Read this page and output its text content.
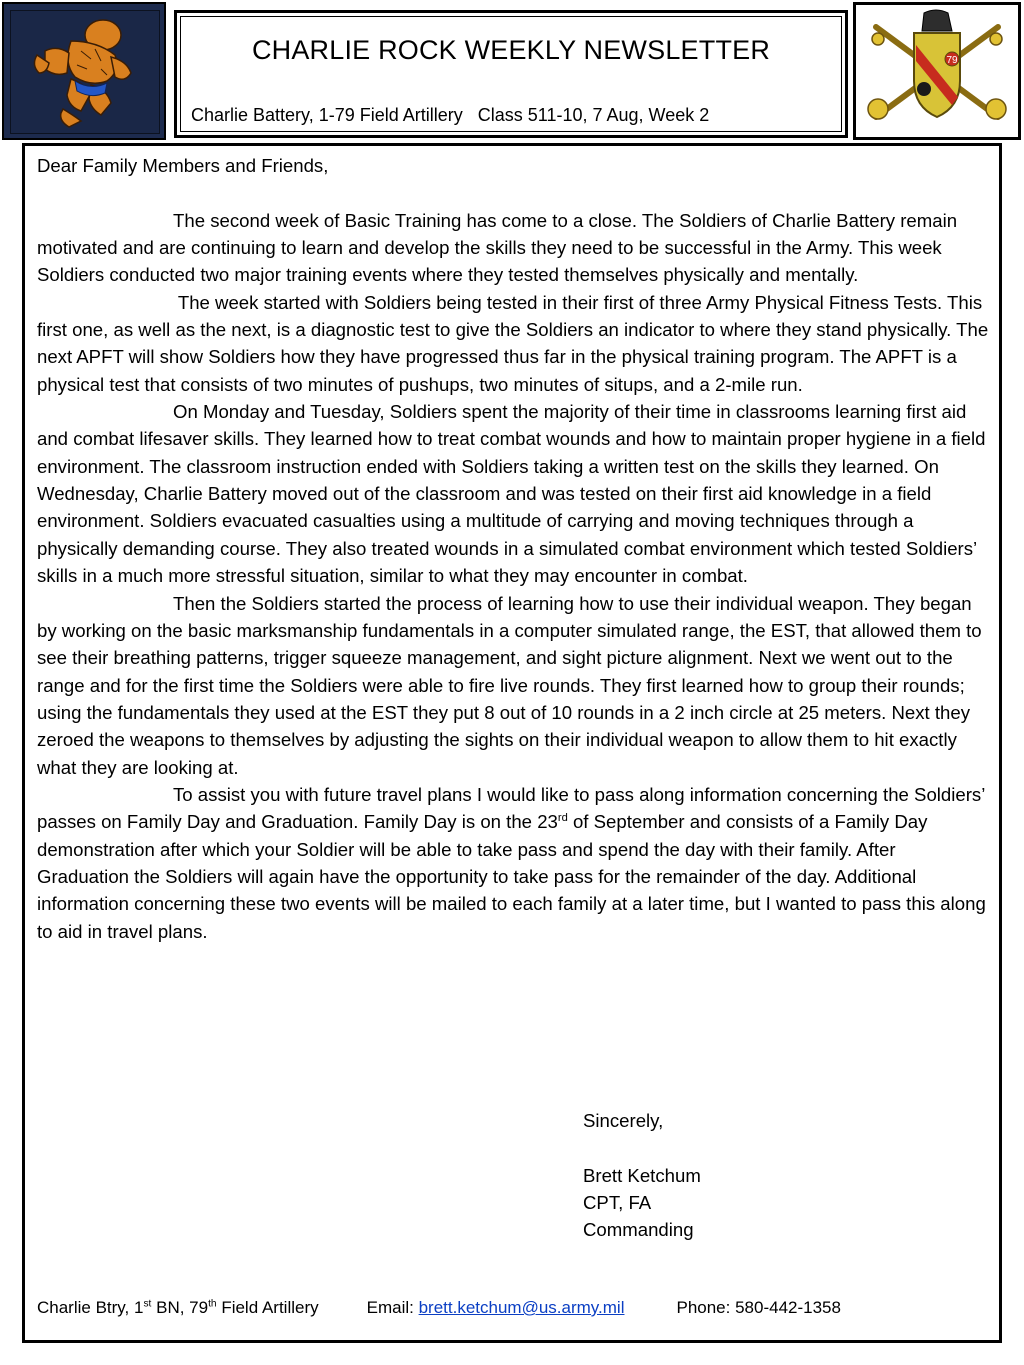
CHARLIE ROCK WEEKLY NEWSLETTER
Charlie Battery, 1-79 Field Artillery   Class 511-10, 7 Aug, Week 2
79

Dear Family Members and Friends,

The second week of Basic Training has come to a close. The Soldiers of Charlie Battery remain motivated and are continuing to learn and develop the skills they need to be successful in the Army. This week Soldiers conducted two major training events where they tested themselves physically and mentally.

The week started with Soldiers being tested in their first of three Army Physical Fitness Tests. This first one, as well as the next, is a diagnostic test to give the Soldiers an indicator to where they stand physically. The next APFT will show Soldiers how they have progressed thus far in the physical training program. The APFT is a physical test that consists of two minutes of pushups, two minutes of situps, and a 2-mile run.

On Monday and Tuesday, Soldiers spent the majority of their time in classrooms learning first aid and combat lifesaver skills. They learned how to treat combat wounds and how to maintain proper hygiene in a field environment. The classroom instruction ended with Soldiers taking a written test on the skills they learned. On Wednesday, Charlie Battery moved out of the classroom and was tested on their first aid knowledge in a field environment. Soldiers evacuated casualties using a multitude of carrying and moving techniques through a physically demanding course. They also treated wounds in a simulated combat environment which tested Soldiers’ skills in a much more stressful situation, similar to what they may encounter in combat.

Then the Soldiers started the process of learning how to use their individual weapon. They began by working on the basic marksmanship fundamentals in a computer simulated range, the EST, that allowed them to see their breathing patterns, trigger squeeze management, and sight picture alignment. Next we went out to the range and for the first time the Soldiers were able to fire live rounds. They first learned how to group their rounds; using the fundamentals they used at the EST they put 8 out of 10 rounds in a 2 inch circle at 25 meters. Next they zeroed the weapons to themselves by adjusting the sights on their individual weapon to allow them to hit exactly what they are looking at.

To assist you with future travel plans I would like to pass along information concerning the Soldiers’ passes on Family Day and Graduation. Family Day is on the 23rd of September and consists of a Family Day demonstration after which your Soldier will be able to take pass and spend the day with their family. After Graduation the Soldiers will again have the opportunity to take pass for the remainder of the day. Additional information concerning these two events will be mailed to each family at a later time, but I wanted to pass this along to aid in travel plans.

Sincerely,
Brett Ketchum
CPT, FA
Commanding
Charlie Btry, 1st BN, 79th Field Artillery	Email: brett.ketchum@us.army.mil	Phone: 580-442-1358
